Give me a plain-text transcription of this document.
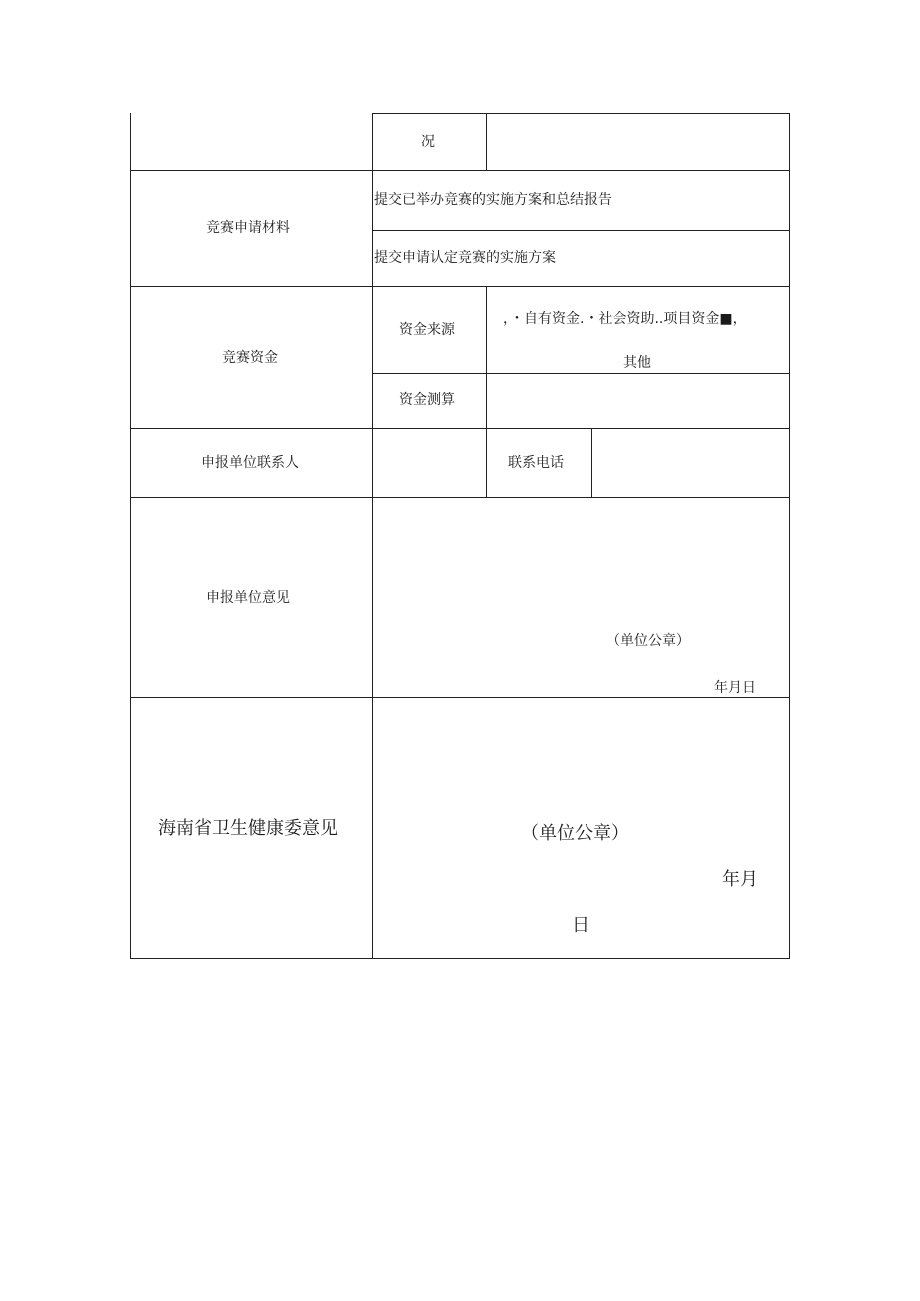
况
竞赛申请材料
提交已举办竞赛的实施方案和总结报告
提交申请认定竞赛的实施方案
竞赛资金
资金来源
，・自有资金.・社会资助..项目资金■，
其他
资金测算
申报单位联系人	联系电话
申报单位意见
（单位公章）
年月日
海南省卫生健康委意见	（单位公章）
年月
日
